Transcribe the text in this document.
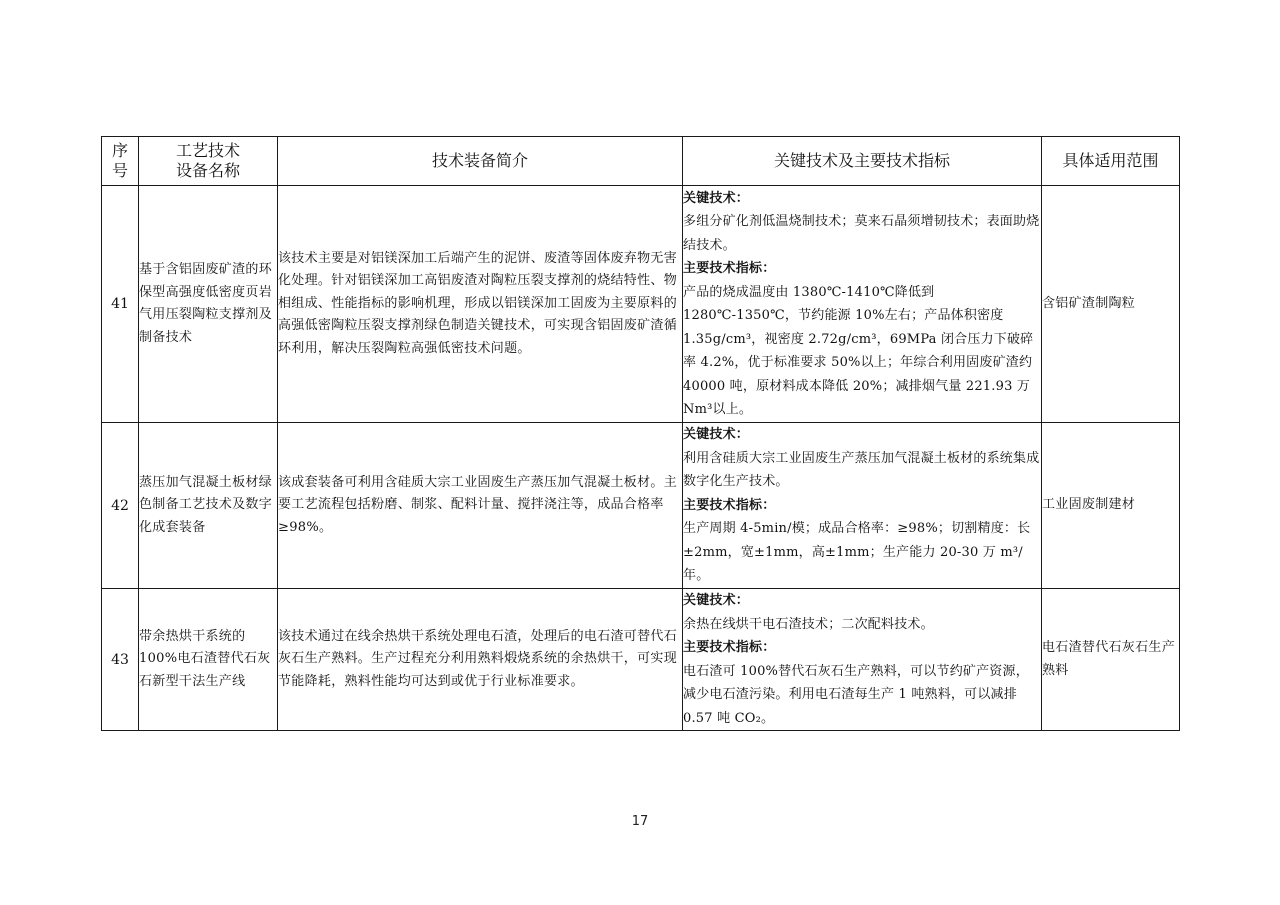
序
号	工艺技术
设备名称	技术装备简介	关键技术及主要技术指标	具体适用范围
41	基于含铝固废矿渣的环保型高强度低密度页岩气用压裂陶粒支撑剂及制备技术	该技术主要是对铝镁深加工后端产生的泥饼、废渣等固体废弃物无害化处理。针对铝镁深加工高铝废渣对陶粒压裂支撑剂的烧结特性、物相组成、性能指标的影响机理，形成以铝镁深加工固废为主要原料的高强低密陶粒压裂支撑剂绿色制造关键技术，可实现含铝固废矿渣循环利用，解决压裂陶粒高强低密技术问题。	关键技术：
多组分矿化剂低温烧制技术；莫来石晶须增韧技术；表面助烧结技术。
主要技术指标：
产品的烧成温度由 1380℃-1410℃降低到 1280℃-1350℃，节约能源 10%左右；产品体积密度 1.35g/cm³，视密度 2.72g/cm³，69MPa 闭合压力下破碎率 4.2%，优于标准要求 50%以上；年综合利用固废矿渣约 40000 吨，原材料成本降低 20%；减排烟气量 221.93 万 Nm³以上。	含铝矿渣制陶粒
42	蒸压加气混凝土板材绿色制备工艺技术及数字化成套装备	该成套装备可利用含硅质大宗工业固废生产蒸压加气混凝土板材。主要工艺流程包括粉磨、制浆、配料计量、搅拌浇注等，成品合格率≥98%。	关键技术：
利用含硅质大宗工业固废生产蒸压加气混凝土板材的系统集成数字化生产技术。
主要技术指标：
生产周期 4-5min/模；成品合格率：≥98%；切割精度：长±2mm，宽±1mm，高±1mm；生产能力 20-30 万 m³/年。	工业固废制建材
43	带余热烘干系统的 100%电石渣替代石灰石新型干法生产线	该技术通过在线余热烘干系统处理电石渣，处理后的电石渣可替代石灰石生产熟料。生产过程充分利用熟料煅烧系统的余热烘干，可实现节能降耗，熟料性能均可达到或优于行业标准要求。	关键技术：
余热在线烘干电石渣技术；二次配料技术。
主要技术指标：
电石渣可 100%替代石灰石生产熟料，可以节约矿产资源，减少电石渣污染。利用电石渣每生产 1 吨熟料，可以减排 0.57 吨 CO₂。	电石渣替代石灰石生产熟料
17
